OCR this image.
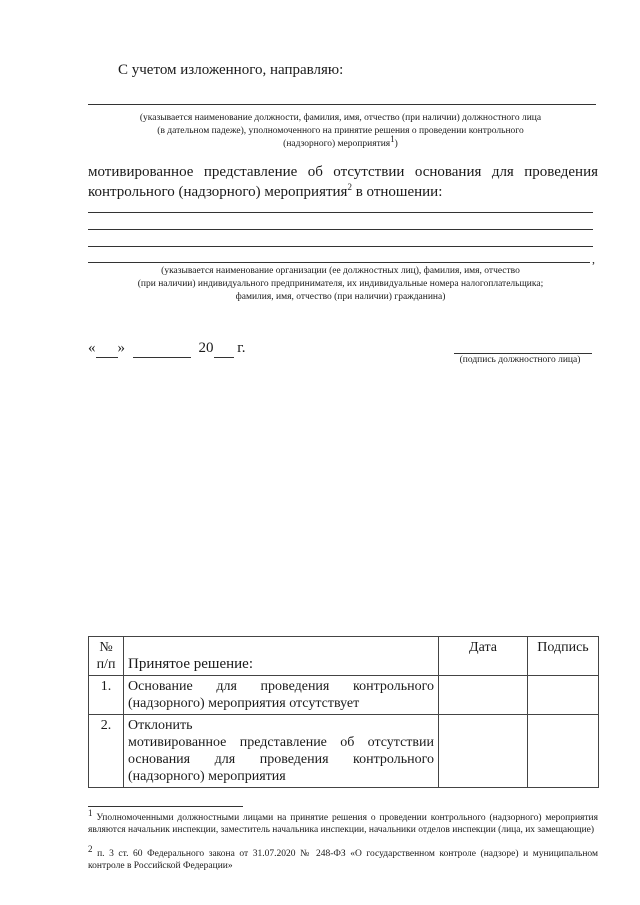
С учетом изложенного, направляю:
(указывается наименование должности, фамилия, имя, отчество (при наличии) должностного лица
(в дательном падеже), уполномоченного на принятие решения о проведении контрольного
(надзорного) мероприятия1)
мотивированное представление об отсутствии основания для проведения
контрольного (надзорного) мероприятия$^2$ в отношении:
,
(указывается наименование организации (ее должностных лиц), фамилия, имя, отчество
(при наличии) индивидуального предпринимателя, их индивидуальные номера налогоплательщика;
фамилия, имя, отчество (при наличии) гражданина)
« »	20 г.
(подпись должностного лица)
№ п/п	Принятое решение:	Дата	Подпись
1.	Основание для проведения контрольного
(надзорного) мероприятия отсутствует		
2.	Отклонить
мотивированное представление об отсутствии
основания для проведения контрольного
(надзорного) мероприятия		
1 Уполномоченными должностными лицами на принятие решения о проведении контрольного (надзорного) мероприятия являются начальник инспекции, заместитель начальника инспекции, начальники отделов инспекции (лица, их замещающие)
2 п. 3 ст. 60 Федерального закона от 31.07.2020 № 248-ФЗ «О государственном контроле (надзоре) и муниципальном контроле в Российской Федерации»
